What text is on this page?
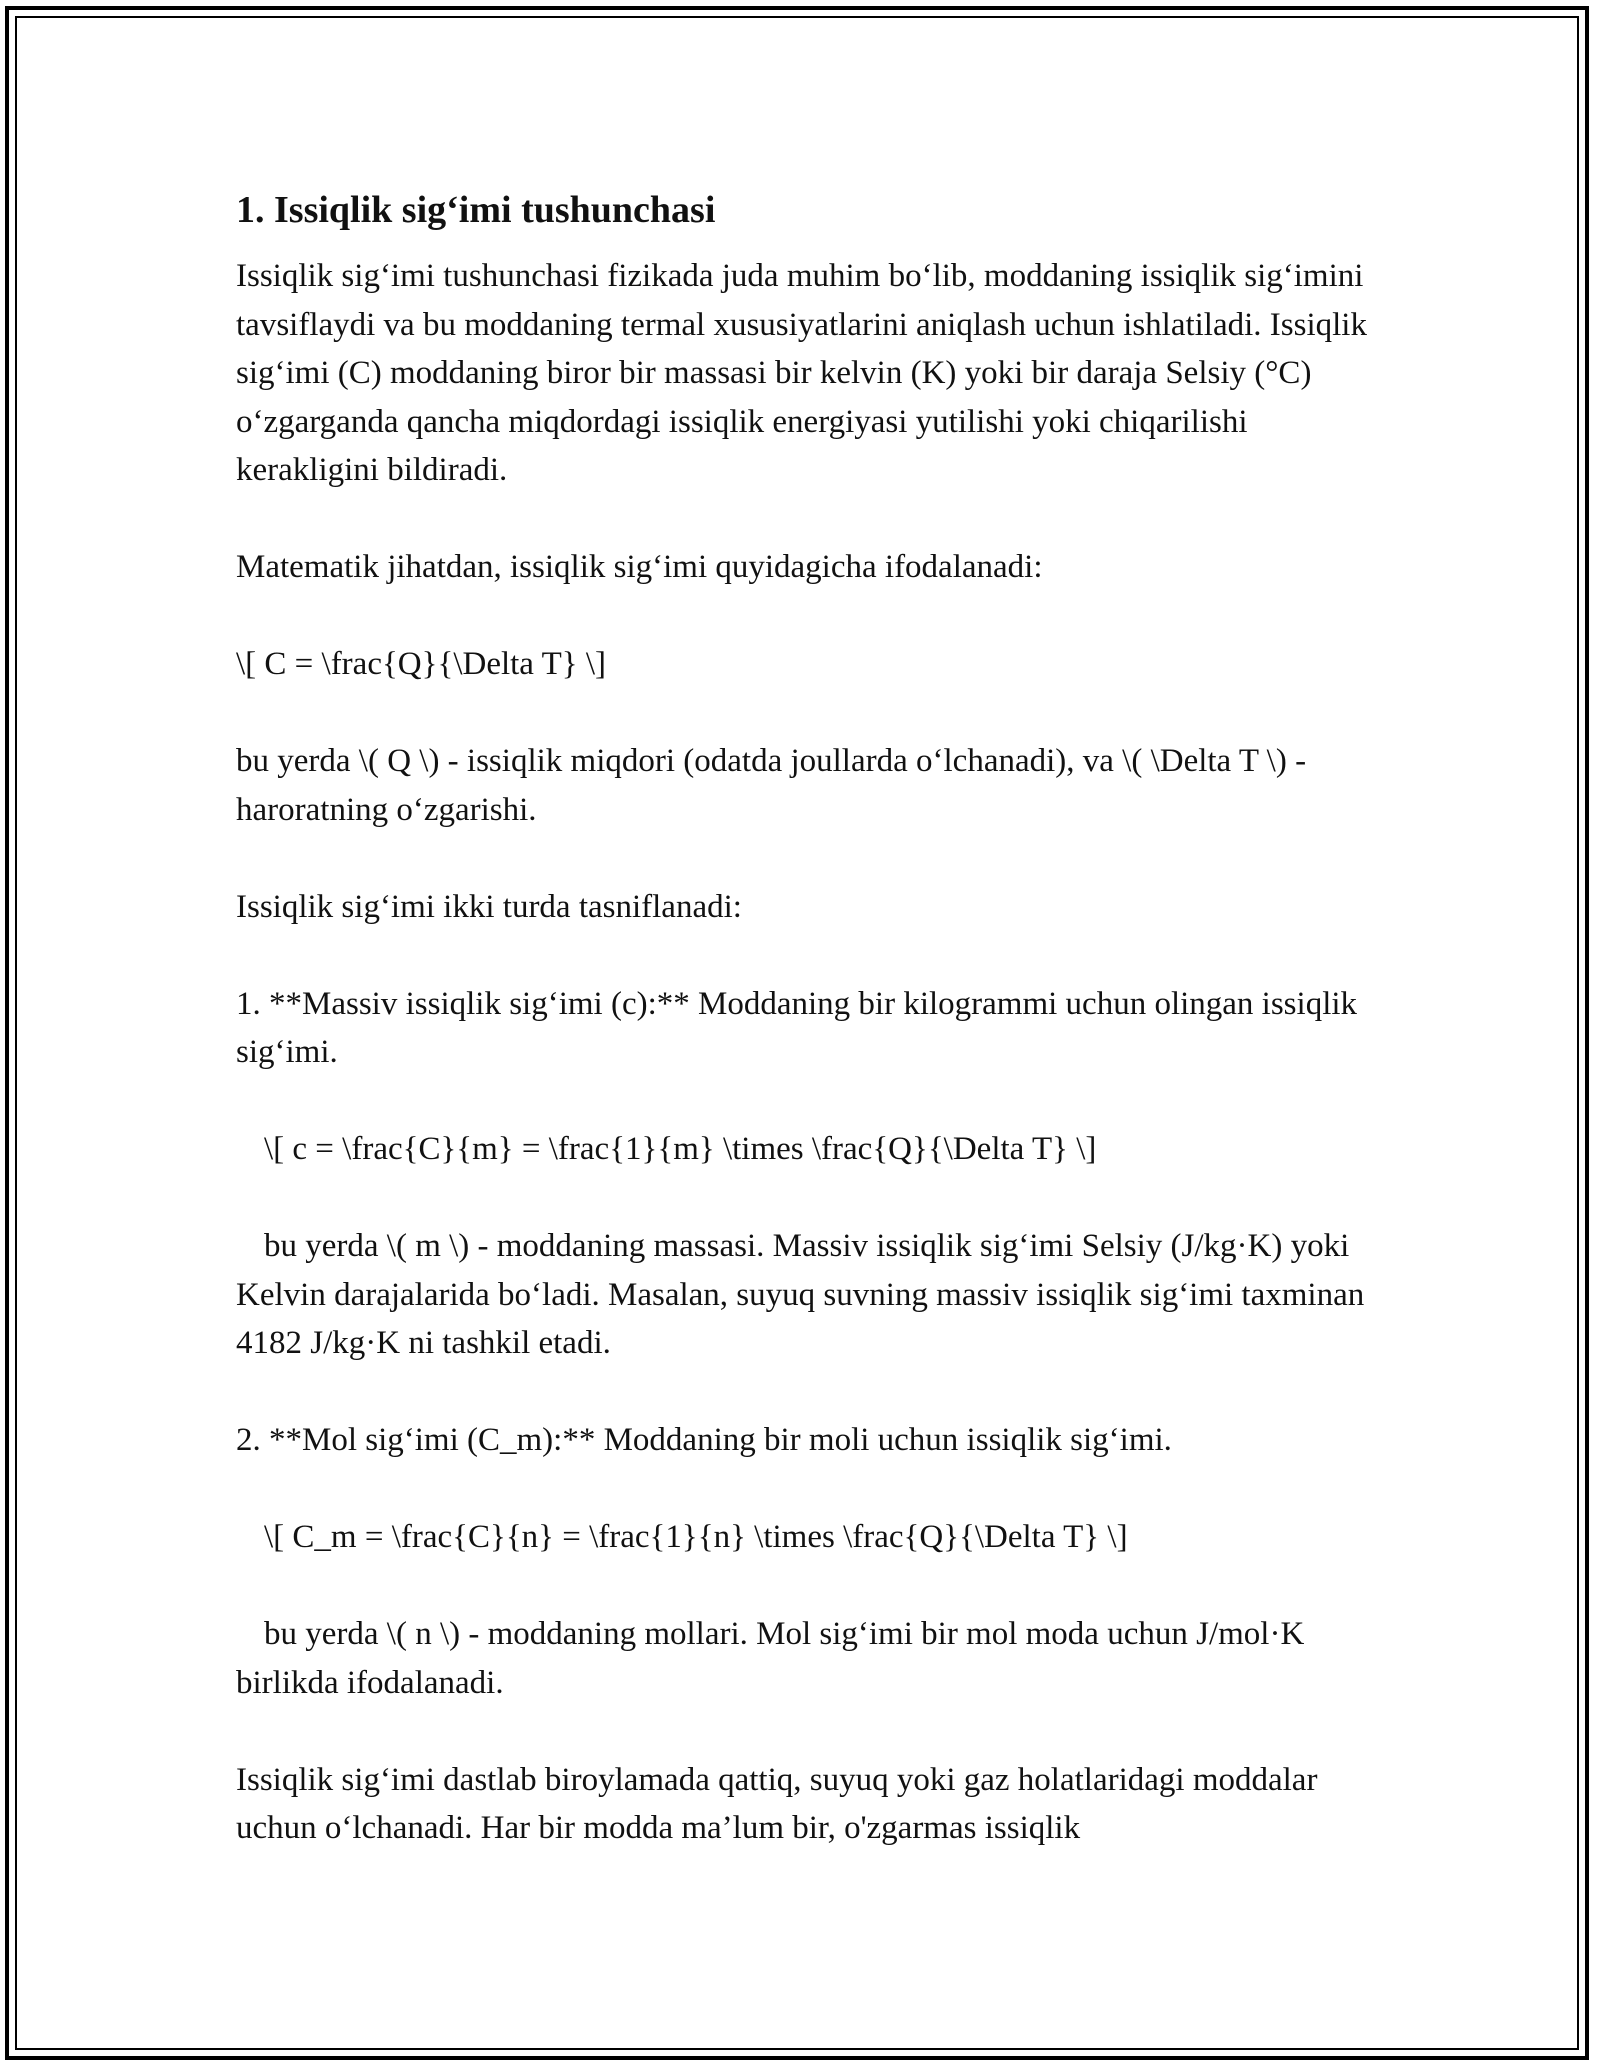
1. Issiqlik sig‘imi tushunchasi

Issiqlik sig‘imi tushunchasi fizikada juda muhim bo‘lib, moddaning issiqlik sig‘imini tavsiflaydi va bu moddaning termal xususiyatlarini aniqlash uchun ishlatiladi. Issiqlik sig‘imi (C) moddaning biror bir massasi bir kelvin (K) yoki bir daraja Selsiy (°C) o‘zgarganda qancha miqdordagi issiqlik energiyasi yutilishi yoki chiqarilishi kerakligini bildiradi.

Matematik jihatdan, issiqlik sig‘imi quyidagicha ifodalanadi:

\[ C = \frac{Q}{\Delta T} \]

bu yerda \( Q \) - issiqlik miqdori (odatda joullarda o‘lchanadi), va \( \Delta T \) - haroratning o‘zgarishi.

Issiqlik sig‘imi ikki turda tasniflanadi:

1. **Massiv issiqlik sig‘imi (c):** Moddaning bir kilogrammi uchun olingan issiqlik sig‘imi.

\[ c = \frac{C}{m} = \frac{1}{m} \times \frac{Q}{\Delta T} \]

bu yerda \( m \) - moddaning massasi. Massiv issiqlik sig‘imi Selsiy (J/kg·K) yoki Kelvin darajalarida bo‘ladi. Masalan, suyuq suvning massiv issiqlik sig‘imi taxminan 4182 J/kg·K ni tashkil etadi.

2. **Mol sig‘imi (C_m):** Moddaning bir moli uchun issiqlik sig‘imi.

\[ C_m = \frac{C}{n} = \frac{1}{n} \times \frac{Q}{\Delta T} \]

bu yerda \( n \) - moddaning mollari. Mol sig‘imi bir mol moda uchun J/mol·K birlikda ifodalanadi.

Issiqlik sig‘imi dastlab biroylamada qattiq, suyuq yoki gaz holatlaridagi moddalar uchun o‘lchanadi. Har bir modda ma’lum bir, o'zgarmas issiqlik
